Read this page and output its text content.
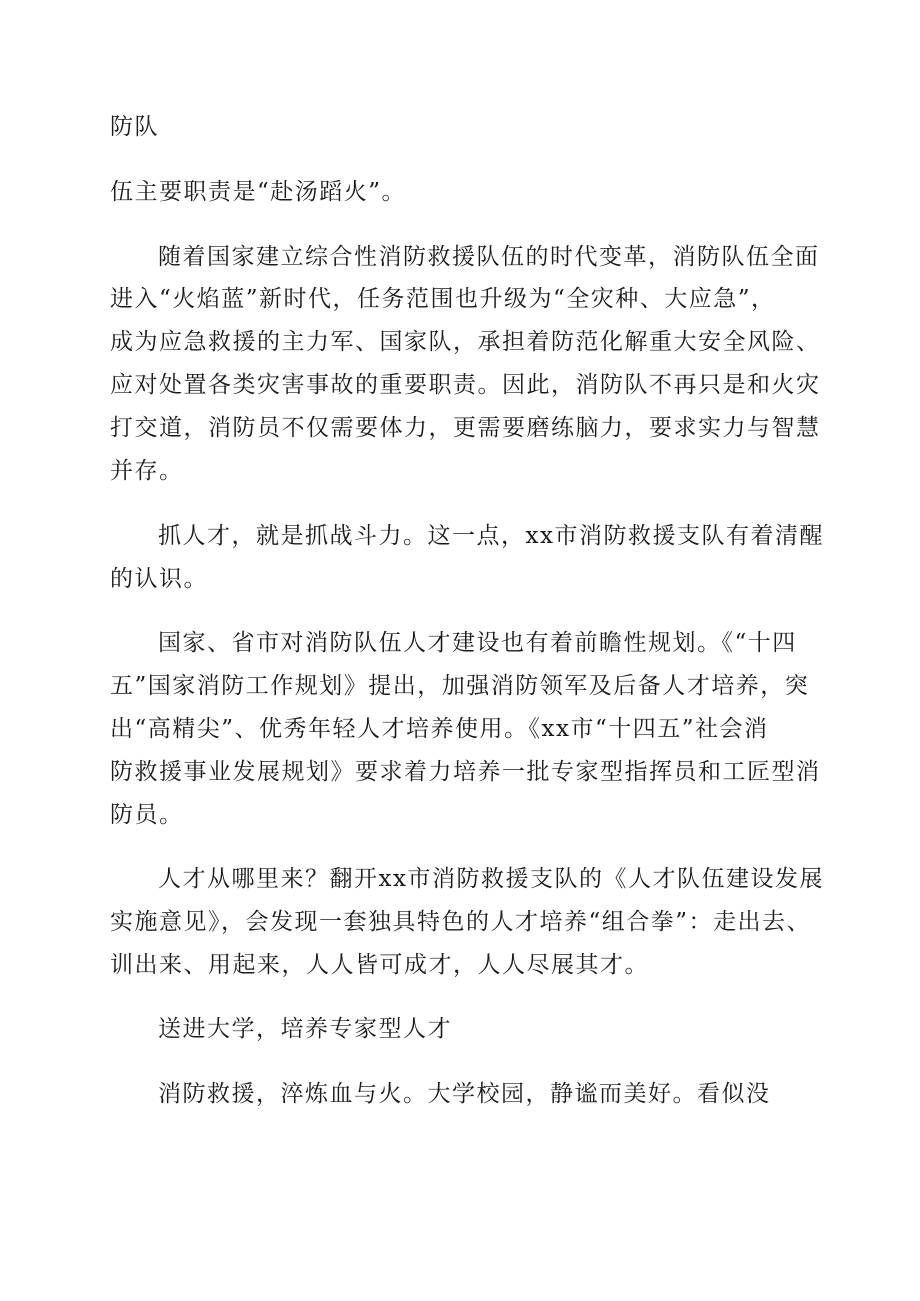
防队

伍主要职责是“赴汤蹈火”。

随着国家建立综合性消防救援队伍的时代变革，消防队伍全面

进入“火焰蓝”新时代，任务范围也升级为“全灾种、大应急”，

成为应急救援的主力军、国家队，承担着防范化解重大安全风险、

应对处置各类灾害事故的重要职责。因此，消防队不再只是和火灾

打交道，消防员不仅需要体力，更需要磨练脑力，要求实力与智慧

并存。

抓人才，就是抓战斗力。这一点，xx市消防救援支队有着清醒

的认识。

国家、省市对消防队伍人才建设也有着前瞻性规划。《“十四

五”国家消防工作规划》提出，加强消防领军及后备人才培养，突

出“高精尖”、优秀年轻人才培养使用。《xx市“十四五”社会消

防救援事业发展规划》要求着力培养一批专家型指挥员和工匠型消

防员。

人才从哪里来？翻开xx市消防救援支队的《人才队伍建设发展

实施意见》，会发现一套独具特色的人才培养“组合拳”：走出去、

训出来、用起来，人人皆可成才，人人尽展其才。

送进大学，培养专家型人才

消防救援，淬炼血与火。大学校园，静谧而美好。看似没
